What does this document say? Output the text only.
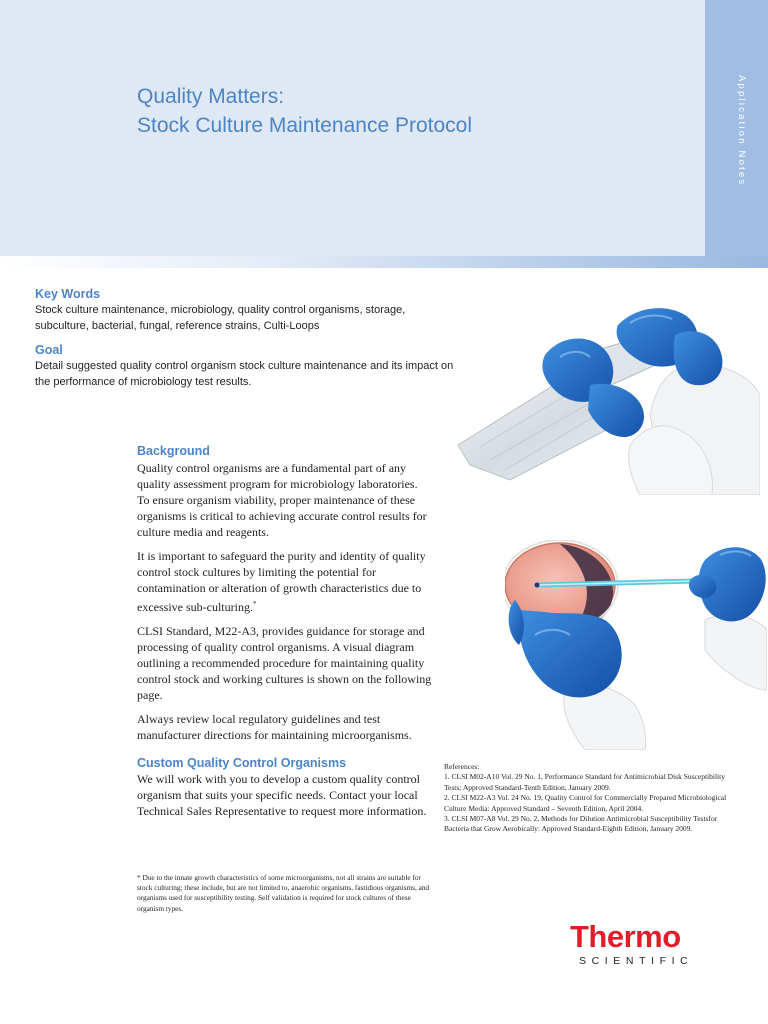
Application Notes
Quality Matters:
Stock Culture Maintenance Protocol
Key Words

Stock culture maintenance, microbiology, quality control organisms, storage, subculture, bacterial, fungal, reference strains, Culti-Loops

Goal

Detail suggested quality control organism stock culture maintenance and its impact on the performance of microbiology test results.

Background

Quality control organisms are a fundamental part of any quality assessment program for microbiology laboratories. To ensure organism viability, proper maintenance of these organisms is critical to achieving accurate control results for culture media and reagents.

It is important to safeguard the purity and identity of quality control stock cultures by limiting the potential for contamination or alteration of growth characteristics due to excessive sub-culturing.*

CLSI Standard, M22-A3, provides guidance for storage and processing of quality control organisms. A visual diagram outlining a recommended procedure for maintaining quality control stock and working cultures is shown on the following page.

Always review local regulatory guidelines and test manufacturer directions for maintaining microorganisms.

Custom Quality Control Organisms

We will work with you to develop a custom quality control organism that suits your specific needs. Contact your local Technical Sales Representative to request more information.

References:
1. CLSI M02-A10 Vol. 29 No. 1, Performance Standard for Antimicrobial Disk Susceptibility Tests; Approved Standard-Tenth Edition, January 2009.
2. CLSI M22-A3 Vol. 24 No. 19, Quality Control for Commercially Prepared Microbiological Culture Media: Approved Standard – Seventh Edition, April 2004.
3. CLSI M07-A8 Vol. 29 No. 2, Methods for Dilution Antimicrobial Susceptibility Testsfor Bacteria that Grow Aerobically: Approved Standard-Eighth Edition, January 2009.

* Due to the innate growth characteristics of some microorganisms, not all strains are suitable for stock culturing; these include, but are not limited to, anaerobic organisms, fastidious organisms, and organisms used for susceptibility testing. Self validation is required for stock cultures of these organism types.

Thermo
SCIENTIFIC
